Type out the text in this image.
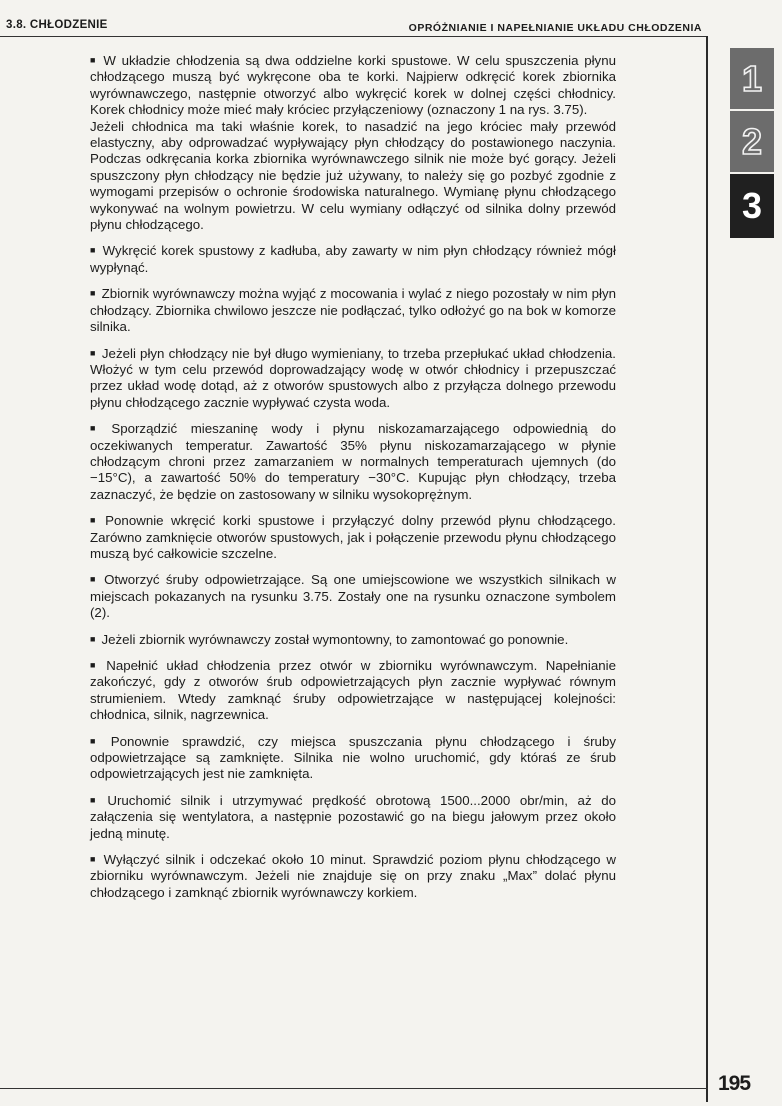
3.8. CHŁODZENIE	OPRÓŻNIANIE I NAPEŁNIANIE UKŁADU CHŁODZENIA
1
2
3

■ W układzie chłodzenia są dwa oddzielne korki spustowe. W celu spuszczenia płynu chłodzącego muszą być wykręcone oba te korki. Najpierw odkręcić korek zbiornika wyrównawczego, następnie otworzyć albo wykręcić korek w dolnej części chłodnicy. Korek chłodnicy może mieć mały króciec przyłączeniowy (oznaczony 1 na rys. 3.75).

Jeżeli chłodnica ma taki właśnie korek, to nasadzić na jego króciec mały przewód elastyczny, aby odprowadzać wypływający płyn chłodzący do postawionego naczynia. Podczas odkręcania korka zbiornika wyrównawczego silnik nie może być gorący. Jeżeli spuszczony płyn chłodzący nie będzie już używany, to należy się go pozbyć zgodnie z wymogami przepisów o ochronie środowiska naturalnego. Wymianę płynu chłodzącego wykonywać na wolnym powietrzu. W celu wymiany odłączyć od silnika dolny przewód płynu chłodzącego.

■ Wykręcić korek spustowy z kadłuba, aby zawarty w nim płyn chłodzący również mógł wypłynąć.

■ Zbiornik wyrównawczy można wyjąć z mocowania i wylać z niego pozostały w nim płyn chłodzący. Zbiornika chwilowo jeszcze nie podłączać, tylko odłożyć go na bok w komorze silnika.

■ Jeżeli płyn chłodzący nie był długo wymieniany, to trzeba przepłukać układ chłodzenia. Włożyć w tym celu przewód doprowadzający wodę w otwór chłodnicy i przepuszczać przez układ wodę dotąd, aż z otworów spustowych albo z przyłącza dolnego przewodu płynu chłodzącego zacznie wypływać czysta woda.

■ Sporządzić mieszaninę wody i płynu niskozamarzającego odpowiednią do oczekiwanych temperatur. Zawartość 35% płynu niskozamarzającego w płynie chłodzącym chroni przez zamarzaniem w normalnych temperaturach ujemnych (do −15°C), a zawartość 50% do temperatury −30°C. Kupując płyn chłodzący, trzeba zaznaczyć, że będzie on zastosowany w silniku wysokoprężnym.

■ Ponownie wkręcić korki spustowe i przyłączyć dolny przewód płynu chłodzącego. Zarówno zamknięcie otworów spustowych, jak i połączenie przewodu płynu chłodzącego muszą być całkowicie szczelne.

■ Otworzyć śruby odpowietrzające. Są one umiejscowione we wszystkich silnikach w miejscach pokazanych na rysunku 3.75. Zostały one na rysunku oznaczone symbolem (2).

■ Jeżeli zbiornik wyrównawczy został wymontowny, to zamontować go ponownie.

■ Napełnić układ chłodzenia przez otwór w zbiorniku wyrównawczym. Napełnianie zakończyć, gdy z otworów śrub odpowietrzających płyn zacznie wypływać równym strumieniem. Wtedy zamknąć śruby odpowietrzające w następującej kolejności: chłodnica, silnik, nagrzewnica.

■ Ponownie sprawdzić, czy miejsca spuszczania płynu chłodzącego i śruby odpowietrzające są zamknięte. Silnika nie wolno uruchomić, gdy któraś ze śrub odpowietrzających jest nie zamknięta.

■ Uruchomić silnik i utrzymywać prędkość obrotową 1500...2000 obr/min, aż do załączenia się wentylatora, a następnie pozostawić go na biegu jałowym przez około jedną minutę.

■ Wyłączyć silnik i odczekać około 10 minut. Sprawdzić poziom płynu chłodzącego w zbiorniku wyrównawczym. Jeżeli nie znajduje się on przy znaku „Max” dolać płynu chłodzącego i zamknąć zbiornik wyrównawczy korkiem.

195
